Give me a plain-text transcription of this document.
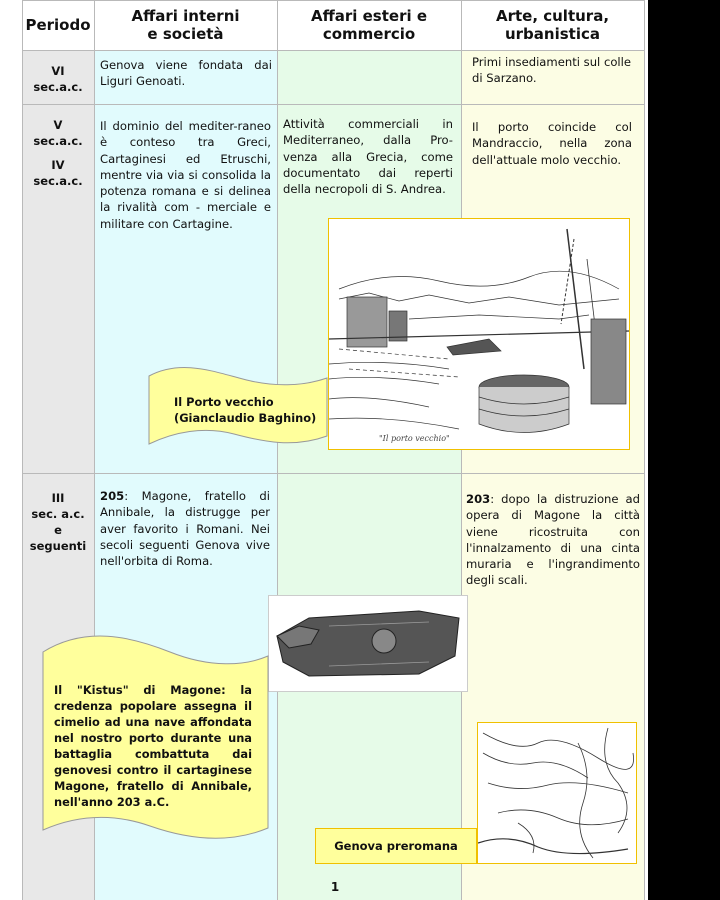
Periodo	Affari interni e società
Affari esteri e commercio
Arte, cultura, urbanistica
VI
sec.a.c.
Genova viene fondata dai Liguri Genoati.
Primi insediamenti sul colle di Sarzano.
V
sec.a.c.
IV
sec.a.c.
Il dominio del mediter-raneo è conteso tra Greci, Cartaginesi ed Etruschi, mentre via via si consolida la potenza romana e si delinea la rivalità com - merciale e militare con Cartagine.
Attività commerciali in Mediterraneo, dalla Pro-venza alla Grecia, come documentato dai reperti della necropoli di S. Andrea.
Il porto coincide col Mandraccio, nella zona dell'attuale molo vecchio.
"Il porto vecchio"
Il Porto vecchio
(Gianclaudio Baghino)
III
sec. a.c.
e
seguenti
205: Magone, fratello di Annibale, la distrugge per aver favorito i Romani. Nei secoli seguenti Genova vive nell'orbita di Roma.
203: dopo la distruzione ad opera di Magone la città viene ricostruita con l'innalzamento di una cinta muraria e l'ingrandimento degli scali.
Il "Kistus" di Magone: la credenza popolare assegna il cimelio ad una nave affondata nel nostro porto durante una battaglia combattuta dai genovesi contro il cartaginese Magone, fratello di Annibale, nell'anno 203 a.C.
Genova preromana
1
